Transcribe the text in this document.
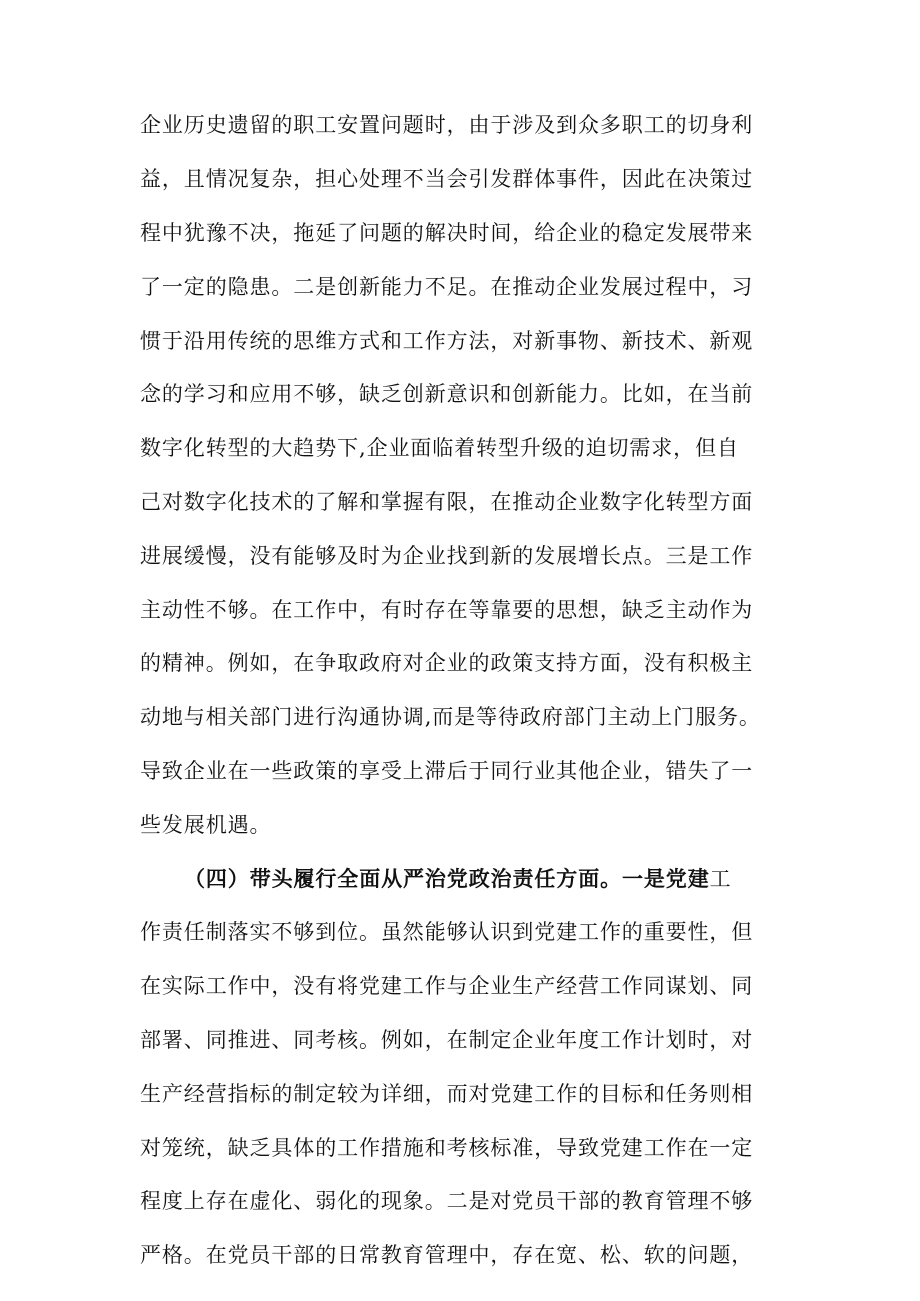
企业历史遗留的职工安置问题时，由于涉及到众多职工的切身利
益，且情况复杂，担心处理不当会引发群体事件，因此在决策过
程中犹豫不决，拖延了问题的解决时间，给企业的稳定发展带来
了一定的隐患。二是创新能力不足。在推动企业发展过程中，习
惯于沿用传统的思维方式和工作方法，对新事物、新技术、新观
念的学习和应用不够，缺乏创新意识和创新能力。比如，在当前
数字化转型的大趋势下,企业面临着转型升级的迫切需求，但自
己对数字化技术的了解和掌握有限，在推动企业数字化转型方面
进展缓慢，没有能够及时为企业找到新的发展增长点。三是工作
主动性不够。在工作中，有时存在等靠要的思想，缺乏主动作为
的精神。例如，在争取政府对企业的政策支持方面，没有积极主
动地与相关部门进行沟通协调,而是等待政府部门主动上门服务。
导致企业在一些政策的享受上滞后于同行业其他企业，错失了一
些发展机遇。
（四）带头履行全面从严治党政治责任方面。一是党建工
作责任制落实不够到位。虽然能够认识到党建工作的重要性，但
在实际工作中，没有将党建工作与企业生产经营工作同谋划、同
部署、同推进、同考核。例如，在制定企业年度工作计划时，对
生产经营指标的制定较为详细，而对党建工作的目标和任务则相
对笼统，缺乏具体的工作措施和考核标准，导致党建工作在一定
程度上存在虚化、弱化的现象。二是对党员干部的教育管理不够
严格。在党员干部的日常教育管理中，存在宽、松、软的问题，
